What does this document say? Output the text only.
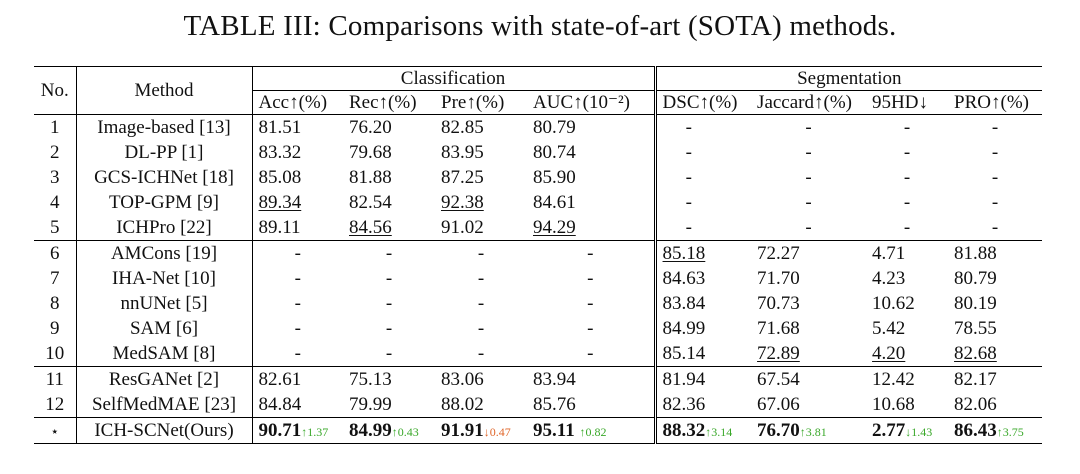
TABLE III: Comparisons with state-of-art (SOTA) methods.
No.	Method	Classification				Segmentation			
		Acc↑(%)	Rec↑(%)	Pre↑(%)	AUC↑(10⁻²)	DSC↑(%)	Jaccard↑(%)	95HD↓	PRO↑(%)
1	Image-based [13]	81.51	76.20	82.85	80.79	-	-	-	-
2	DL-PP [1]	83.32	79.68	83.95	80.74	-	-	-	-
3	GCS-ICHNet [18]	85.08	81.88	87.25	85.90	-	-	-	-
4	TOP-GPM [9]	89.34	82.54	92.38	84.61	-	-	-	-
5	ICHPro [22]	89.11	84.56	91.02	94.29	-	-	-	-
6	AMCons [19]	-	-	-	-	85.18	72.27	4.71	81.88
7	IHA-Net [10]	-	-	-	-	84.63	71.70	4.23	80.79
8	nnUNet [5]	-	-	-	-	83.84	70.73	10.62	80.19
9	SAM [6]	-	-	-	-	84.99	71.68	5.42	78.55
10	MedSAM [8]	-	-	-	-	85.14	72.89	4.20	82.68
11	ResGANet [2]	82.61	75.13	83.06	83.94	81.94	67.54	12.42	82.17
12	SelfMedMAE [23]	84.84	79.99	88.02	85.76	82.36	67.06	10.68	82.06
⋆	ICH-SCNet(Ours)	90.71↑1.37	84.99↑0.43	91.91↓0.47	95.11 ↑0.82	88.32↑3.14	76.70↑3.81	2.77↓1.43	86.43↑3.75
